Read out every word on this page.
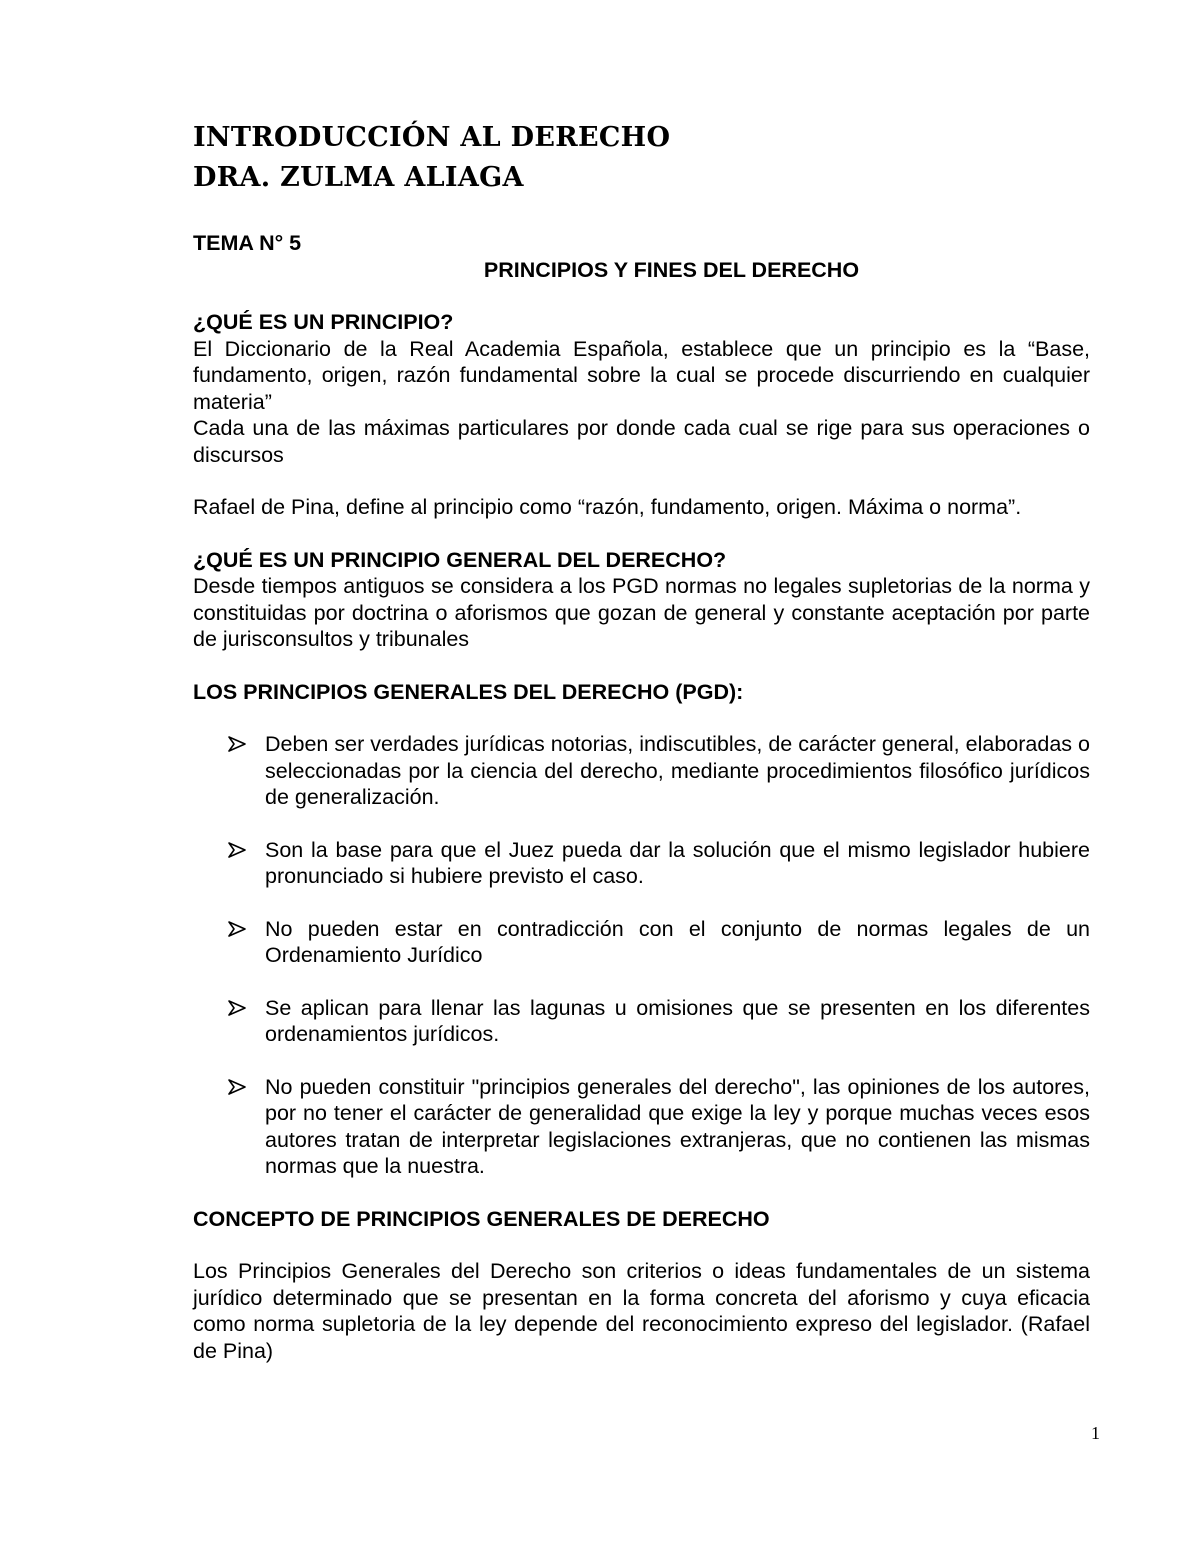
INTRODUCCIÓN AL DERECHO
DRA. ZULMA ALIAGA

TEMA N° 5

PRINCIPIOS Y FINES DEL DERECHO

¿QUÉ ES UN PRINCIPIO?

El Diccionario de la Real Academia Española, establece que un principio es la “Base, fundamento, origen, razón fundamental sobre la cual se procede discurriendo en cualquier materia”

Cada una de las máximas particulares por donde cada cual se rige para sus operaciones o discursos

Rafael de Pina, define al principio como “razón, fundamento, origen. Máxima o norma”.

¿QUÉ ES UN PRINCIPIO GENERAL DEL DERECHO?

Desde tiempos antiguos se considera a los PGD normas no legales supletorias de la norma y constituidas por doctrina o aforismos que gozan de general y constante aceptación por parte de jurisconsultos y tribunales

LOS PRINCIPIOS GENERALES DEL DERECHO (PGD):

Deben ser verdades jurídicas notorias, indiscutibles, de carácter general, elaboradas o seleccionadas por la ciencia del derecho, mediante procedimientos filosófico jurídicos de generalización.
Son la base para que el Juez pueda dar la solución que el mismo legislador hubiere pronunciado si hubiere previsto el caso.
No pueden estar en contradicción con el conjunto de normas legales de un Ordenamiento Jurídico
Se aplican para llenar las lagunas u omisiones que se presenten en los diferentes ordenamientos jurídicos.
No pueden constituir "principios generales del derecho", las opiniones de los autores, por no tener el carácter de generalidad que exige la ley y porque muchas veces esos autores tratan de interpretar legislaciones extranjeras, que no contienen las mismas normas que la nuestra.

CONCEPTO DE PRINCIPIOS GENERALES DE DERECHO

Los Principios Generales del Derecho son criterios o ideas fundamentales de un sistema jurídico determinado que se presentan en la forma concreta del aforismo y cuya eficacia como norma supletoria de la ley depende del reconocimiento expreso del legislador. (Rafael de Pina)

1
